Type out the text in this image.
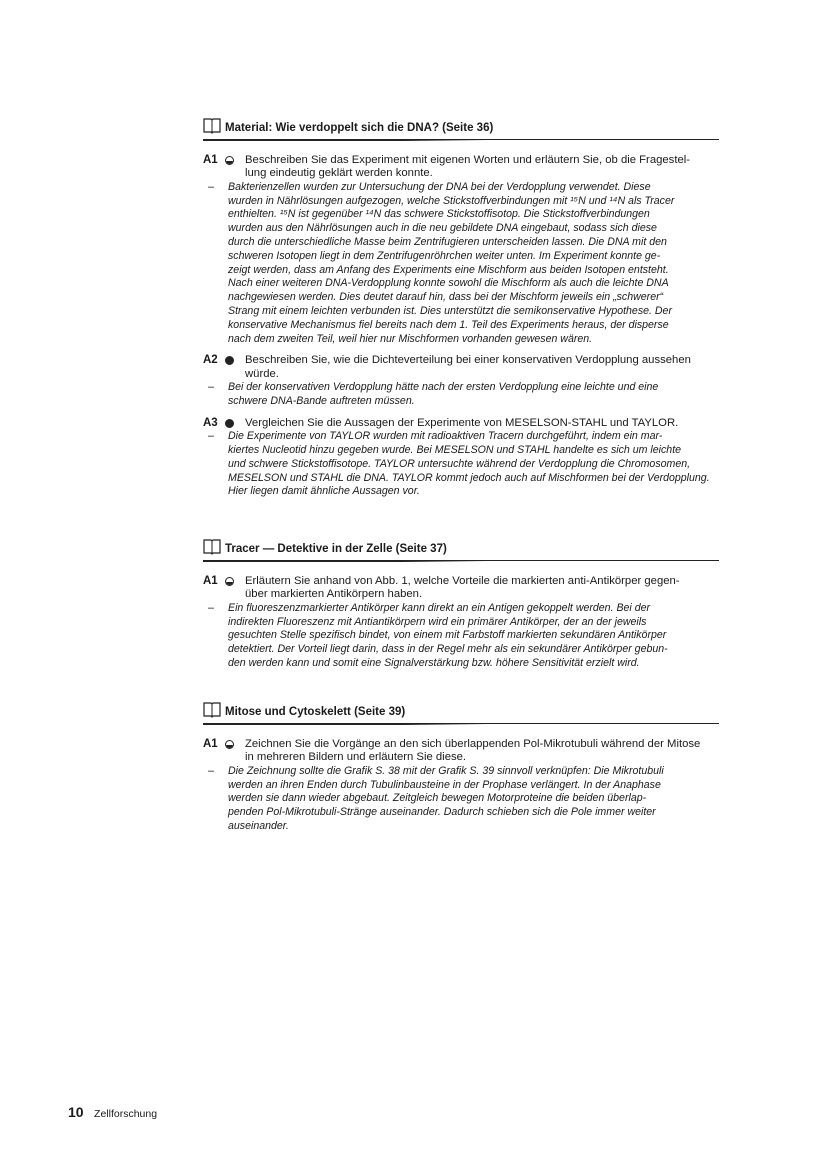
Material: Wie verdoppelt sich die DNA? (Seite 36)
A1 Beschreiben Sie das Experiment mit eigenen Worten und erläutern Sie, ob die Fragestel-
lung eindeutig geklärt werden konnte.
– Bakterienzellen wurden zur Untersuchung der DNA bei der Verdopplung verwendet. Diese
wurden in Nährlösungen aufgezogen, welche Stickstoffverbindungen mit ¹⁵N und ¹⁴N als Tracer
enthielten. ¹⁵N ist gegenüber ¹⁴N das schwere Stickstoffisotop. Die Stickstoffverbindungen
wurden aus den Nährlösungen auch in die neu gebildete DNA eingebaut, sodass sich diese
durch die unterschiedliche Masse beim Zentrifugieren unterscheiden lassen. Die DNA mit den
schweren Isotopen liegt in dem Zentrifugenröhrchen weiter unten. Im Experiment konnte ge-
zeigt werden, dass am Anfang des Experiments eine Mischform aus beiden Isotopen entsteht.
Nach einer weiteren DNA-Verdopplung konnte sowohl die Mischform als auch die leichte DNA
nachgewiesen werden. Dies deutet darauf hin, dass bei der Mischform jeweils ein „schwerer“
Strang mit einem leichten verbunden ist. Dies unterstützt die semikonservative Hypothese. Der
konservative Mechanismus fiel bereits nach dem 1. Teil des Experiments heraus, der disperse
nach dem zweiten Teil, weil hier nur Mischformen vorhanden gewesen wären.
A2 Beschreiben Sie, wie die Dichteverteilung bei einer konservativen Verdopplung aussehen
würde.
– Bei der konservativen Verdopplung hätte nach der ersten Verdopplung eine leichte und eine
schwere DNA-Bande auftreten müssen.
A3 Vergleichen Sie die Aussagen der Experimente von MESELSON-STAHL und TAYLOR.
– Die Experimente von TAYLOR wurden mit radioaktiven Tracern durchgeführt, indem ein mar-
kiertes Nucleotid hinzu gegeben wurde. Bei MESELSON und STAHL handelte es sich um leichte
und schwere Stickstoffisotope. TAYLOR untersuchte während der Verdopplung die Chromosomen,
MESELSON und STAHL die DNA. TAYLOR kommt jedoch auch auf Mischformen bei der Verdopplung.
Hier liegen damit ähnliche Aussagen vor.
Tracer — Detektive in der Zelle (Seite 37)
A1 Erläutern Sie anhand von Abb. 1, welche Vorteile die markierten anti-Antikörper gegen-
über markierten Antikörpern haben.
– Ein fluoreszenzmarkierter Antikörper kann direkt an ein Antigen gekoppelt werden. Bei der
indirekten Fluoreszenz mit Antiantikörpern wird ein primärer Antikörper, der an der jeweils
gesuchten Stelle spezifisch bindet, von einem mit Farbstoff markierten sekundären Antikörper
detektiert. Der Vorteil liegt darin, dass in der Regel mehr als ein sekundärer Antikörper gebun-
den werden kann und somit eine Signalverstärkung bzw. höhere Sensitivität erzielt wird.
Mitose und Cytoskelett (Seite 39)
A1 Zeichnen Sie die Vorgänge an den sich überlappenden Pol-Mikrotubuli während der Mitose
in mehreren Bildern und erläutern Sie diese.
– Die Zeichnung sollte die Grafik S. 38 mit der Grafik S. 39 sinnvoll verknüpfen: Die Mikrotubuli
werden an ihren Enden durch Tubulinbausteine in der Prophase verlängert. In der Anaphase
werden sie dann wieder abgebaut. Zeitgleich bewegen Motorproteine die beiden überlap-
penden Pol-Mikrotubuli-Stränge auseinander. Dadurch schieben sich die Pole immer weiter
auseinander.
10 Zellforschung
